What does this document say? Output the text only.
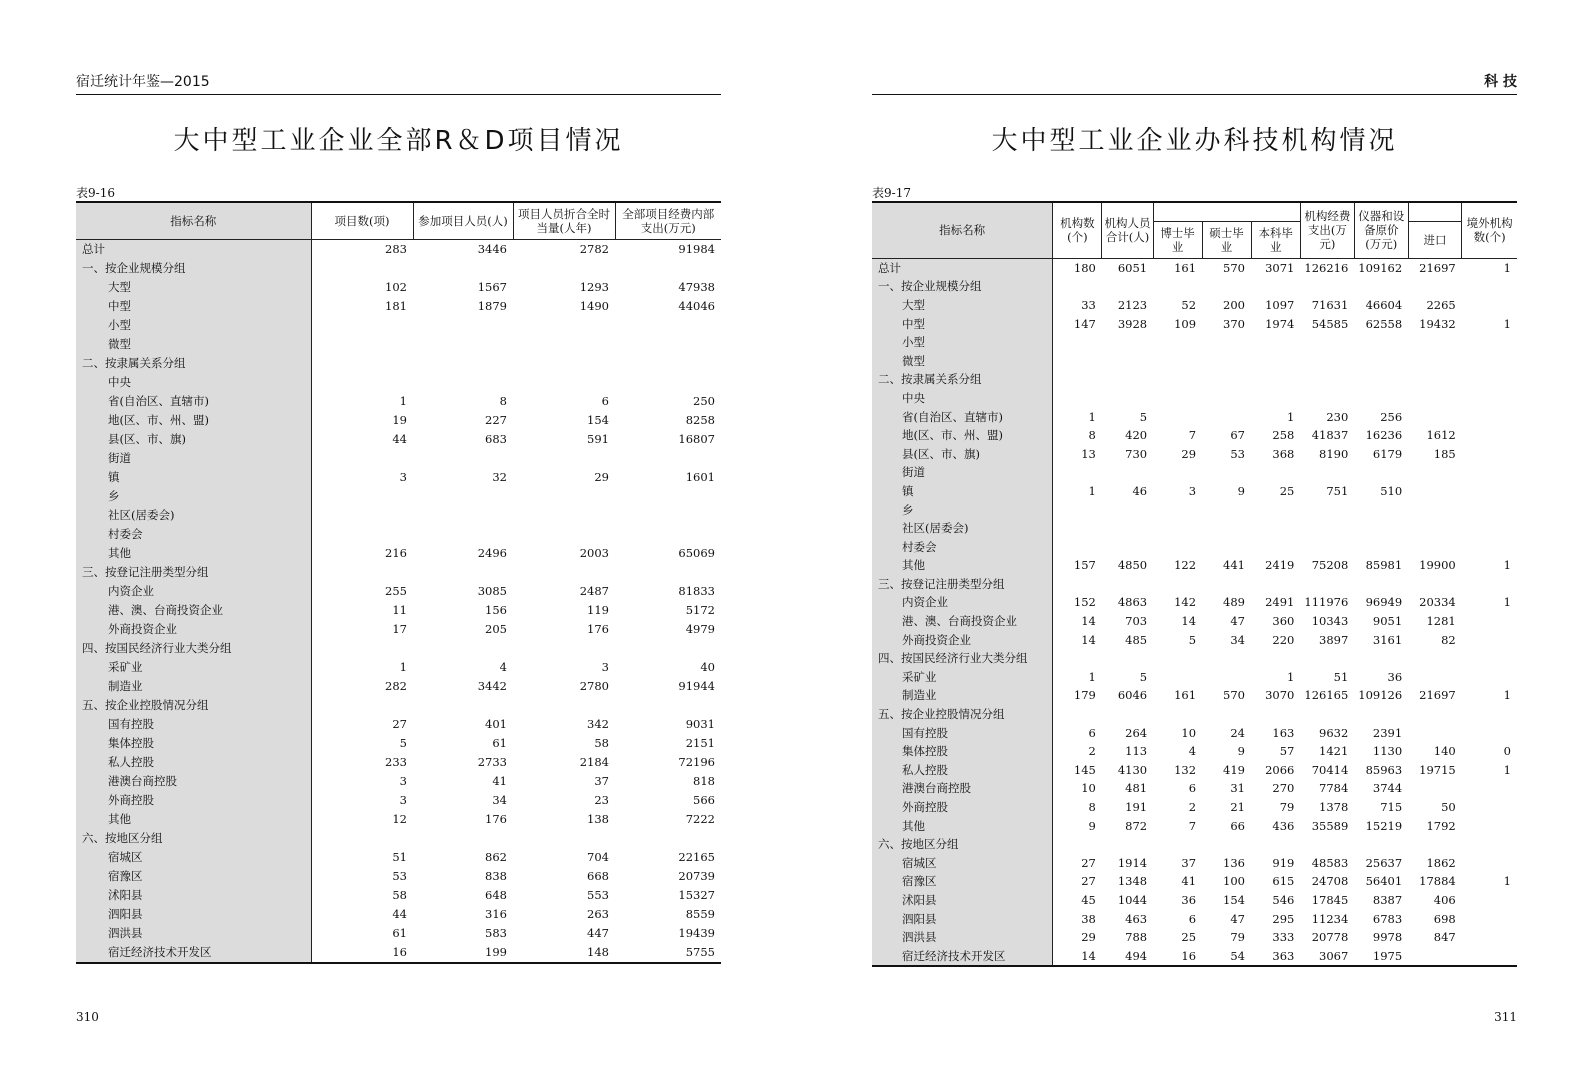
宿迁统计年鉴—2015
大中型工业企业全部R＆D项目情况
表9-16
指标名称	项目数(项)	参加项目人员(人)	项目人员折合全时当量(人年)	全部项目经费内部支出(万元)
总计	283	3446	2782	91984
一、按企业规模分组				
大型	102	1567	1293	47938
中型	181	1879	1490	44046
小型				
微型				
二、按隶属关系分组				
中央				
省(自治区、直辖市)	1	8	6	250
地(区、市、州、盟)	19	227	154	8258
县(区、市、旗)	44	683	591	16807
街道				
镇	3	32	29	1601
乡				
社区(居委会)				
村委会				
其他	216	2496	2003	65069
三、按登记注册类型分组				
内资企业	255	3085	2487	81833
港、澳、台商投资企业	11	156	119	5172
外商投资企业	17	205	176	4979
四、按国民经济行业大类分组				
采矿业	1	4	3	40
制造业	282	3442	2780	91944
五、按企业控股情况分组				
国有控股	27	401	342	9031
集体控股	5	61	58	2151
私人控股	233	2733	2184	72196
港澳台商控股	3	41	37	818
外商控股	3	34	23	566
其他	12	176	138	7222
六、按地区分组				
宿城区	51	862	704	22165
宿豫区	53	838	668	20739
沭阳县	58	648	553	15327
泗阳县	44	316	263	8559
泗洪县	61	583	447	19439
宿迁经济技术开发区	16	199	148	5755
310
科 技
大中型工业企业办科技机构情况
表9-17
指标名称	机构数(个)	机构人员合计(人)				机构经费支出(万元)	仪器和设备原价(万元)		境外机构数(个)
			博士毕业	硕士毕业	本科毕业			进口	
总计	180	6051	161	570	3071	126216	109162	21697	1
一、按企业规模分组									
大型	33	2123	52	200	1097	71631	46604	2265	
中型	147	3928	109	370	1974	54585	62558	19432	1
小型									
微型									
二、按隶属关系分组									
中央									
省(自治区、直辖市)	1	5			1	230	256		
地(区、市、州、盟)	8	420	7	67	258	41837	16236	1612	
县(区、市、旗)	13	730	29	53	368	8190	6179	185	
街道									
镇	1	46	3	9	25	751	510		
乡									
社区(居委会)									
村委会									
其他	157	4850	122	441	2419	75208	85981	19900	1
三、按登记注册类型分组									
内资企业	152	4863	142	489	2491	111976	96949	20334	1
港、澳、台商投资企业	14	703	14	47	360	10343	9051	1281	
外商投资企业	14	485	5	34	220	3897	3161	82	
四、按国民经济行业大类分组									
采矿业	1	5			1	51	36		
制造业	179	6046	161	570	3070	126165	109126	21697	1
五、按企业控股情况分组									
国有控股	6	264	10	24	163	9632	2391		
集体控股	2	113	4	9	57	1421	1130	140	0
私人控股	145	4130	132	419	2066	70414	85963	19715	1
港澳台商控股	10	481	6	31	270	7784	3744		
外商控股	8	191	2	21	79	1378	715	50	
其他	9	872	7	66	436	35589	15219	1792	
六、按地区分组									
宿城区	27	1914	37	136	919	48583	25637	1862	
宿豫区	27	1348	41	100	615	24708	56401	17884	1
沭阳县	45	1044	36	154	546	17845	8387	406	
泗阳县	38	463	6	47	295	11234	6783	698	
泗洪县	29	788	25	79	333	20778	9978	847	
宿迁经济技术开发区	14	494	16	54	363	3067	1975		
311
